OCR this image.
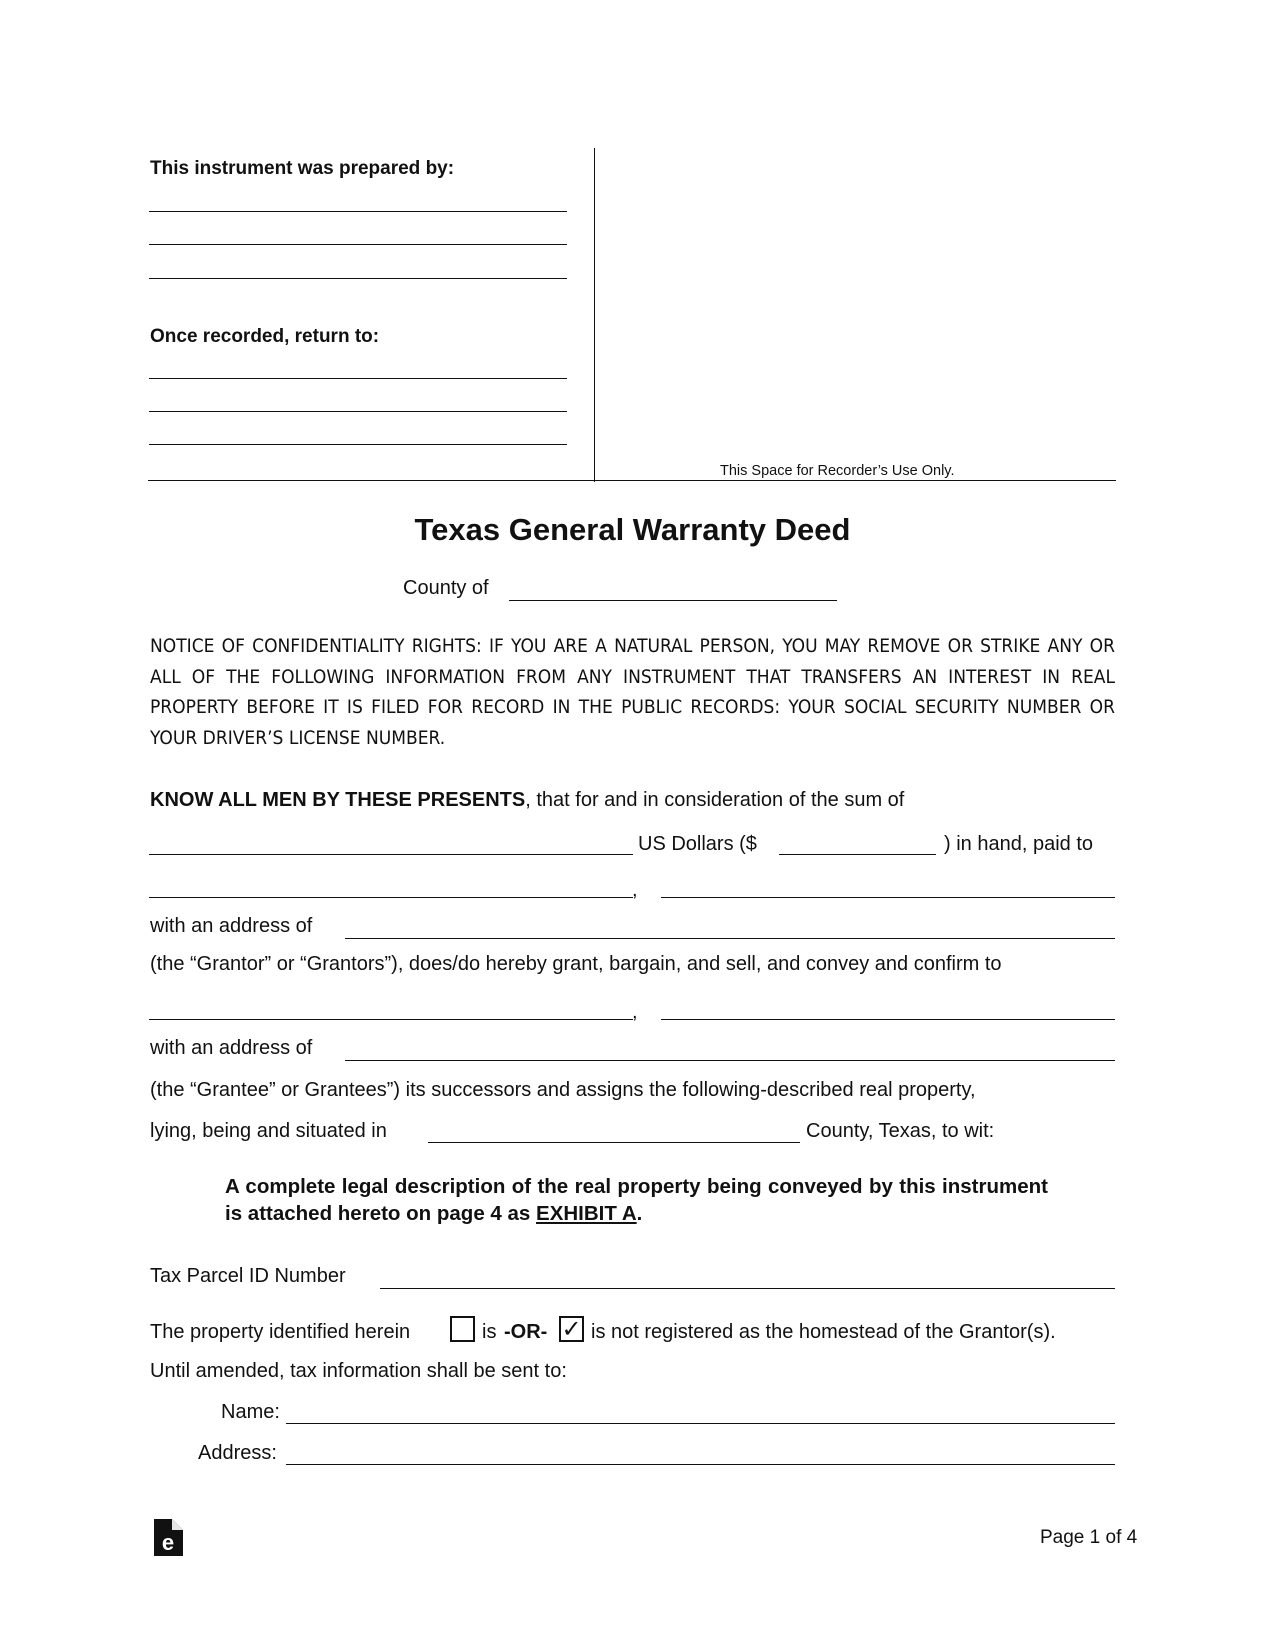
This instrument was prepared by:
Once recorded, return to:
This Space for Recorder’s Use Only.
Texas General Warranty Deed
County of
NOTICE OF CONFIDENTIALITY RIGHTS: IF YOU ARE A NATURAL PERSON, YOU MAY REMOVE OR STRIKE ANY OR ALL OF THE FOLLOWING INFORMATION FROM ANY INSTRUMENT THAT TRANSFERS AN INTEREST IN REAL PROPERTY BEFORE IT IS FILED FOR RECORD IN THE PUBLIC RECORDS: YOUR SOCIAL SECURITY NUMBER OR YOUR DRIVER’S LICENSE NUMBER.
KNOW ALL MEN BY THESE PRESENTS, that for and in consideration of the sum of
US Dollars ($	) in hand, paid to
,
with an address of
(the “Grantor” or “Grantors”), does/do hereby grant, bargain, and sell, and convey and confirm to
,
with an address of
(the “Grantee” or Grantees”) its successors and assigns the following-described real property,
lying, being and situated in	County, Texas, to wit:
A complete legal description of the real property being conveyed by this instrument is attached hereto on page 4 as EXHIBIT A.
Tax Parcel ID Number
The property identified herein	is -OR- ✓ is not registered as the homestead of the Grantor(s).
Until amended, tax information shall be sent to:
Name:
Address:
e	Page 1 of 4
